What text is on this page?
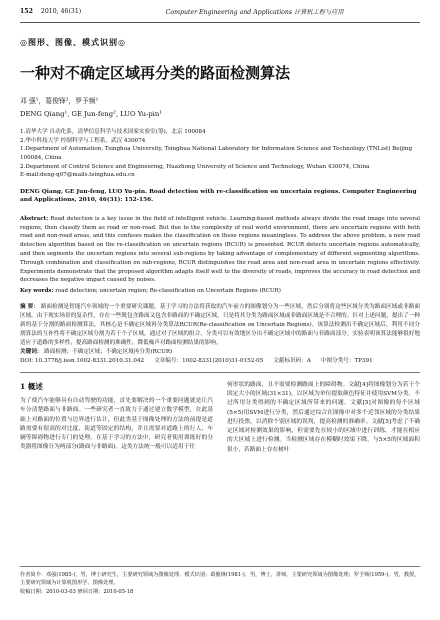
152 2010, 46(31)	Computer Engineering and Applications 计算机工程与应用
◎图形、图像、模式识别◎
一种对不确定区域再分类的路面检测算法
邓 强¹，葛俊锋²，罗予频¹
DENG Qiang¹, GE Jun-feng², LUO Yu-pin¹
1.清华大学 自动化系，清华信息科学与技术国家实验室(筹)，北京 100084
2.华中科技大学 控制科学与工程系，武汉 430074
1.Department of Automation, Tsinghua University, Tsinghua National Laboratory for Information Science and Technology (TNList) Beijing 100084, China
2.Department of Control Science and Engineering, Huazhong University of Science and Technology, Wuhan 430074, China
E-mail:deng-q07@mails.tsinghua.edu.cn
DENG Qiang, GE Jun-feng, LUO Yu-pin. Road detection with re-classification on uncertain regions. Computer Engineering and Applications, 2010, 46(31): 152-156.
Abstract: Road detection is a key issue in the field of intelligent vehicle. Learning-based methods always divide the road image into several regions, then classify them as road or non-road. But due to the complexity of real world environment, there are uncertain regions with both road and non-road areas, and this confuses makes the classification on these regions meaningless. To address the above problem, a new road detection algorithm based on the re-classification on uncertain regions (RCUR) is presented. RCUR detects uncertain regions automatically, and then segments the uncertain regions into several sub-regions by taking advantage of complementary of different segmenting algorithms. Through combination and classification on sub-regions, RCUR distinguishes the road area and non-road area in uncertain regions effectively. Experiments demonstrate that the proposed algorithm adapts itself well to the diversity of roads, improves the accuracy in road detection and decreases the negative impact caused by noises.
Key words: road detection; uncertain region; Re-classification on Uncertain Regions (RCUR)
摘 要： 路面检测是智能汽车领域的一个重要研究课题。基于学习的方法将获取的汽车前方的图像划分为一些区域，然后分别将这些区域分类为路面区域或非路面区域。由于现实场景的复杂性，存在一些既包含路面又包含非路面的不确定区域，只是将其分类为路面区域或非路面区域是不合理的。针对上述问题，提出了一种新的基于分割的路面检测算法，其核心是不确定区域再分类算法RCUR(Re-classification on Uncertain Regions)。该算法检测出不确定区域后，利用不同分割算法的互补性将不确定区域分割为若干个子区域，通过对子区域的组合，分类可以有效地区分出不确定区域中的路面与非路面部分。实验表明该算法能够很好地适应于道路的多样性，提高路面检测的准确性，降低噪声对路面检测结果的影响。
关键词： 路面检测；不确定区域；不确定区域再分类(RCUR)
DOI: 10.3778/j.issn.1002-8331.2010.31.042 文章编号：1002-8331(2010)31-0152-05 文献标识码：A 中图分类号：TP391
1 概述
为了使汽车能够具有自动驾驶的功能，首先要解决的一个重要问题就是让汽车分清楚路面与非路面。一些研究者一直致力于通过建立数学模型，在此基础上对路面的位置与边界进行估计，但此类基于图像处理的方法的前提是道路需要有很高的对比度、街道等固定的结构，并且需要对道路上的行人、车辆等障碍物进行专门的处理。在基于学习的方法中，研究者使用训练好的分类器将图像分为两部分(路面与非路面)。这类方法统一般可以适用于任
何形状的路面，且不需要检测路面上的障碍物。文献[4]将图像划分为若干个固定大小的区域(31×31)，以区域为单位提取颜色特征并使用SVM分类。不过所用分类得到的不确定区域所带来的问题。文献[5]对图像的每个区域(5×5)用SVM进行分类，然后通过综合在图像中对多个近邻区域的分类结果进行投票，以消除个别区域的误判，提高检测的准确率。文献[5]考虑了不确定区域对检测效果的影响，但需要先在较小的区域中进行训练，才能在相应的大区域上进行检测。当检测区域存在模糊时效果下降，与5×5的区域面积很小，若路面上存在树叶
作者简介：邓强(1985-)，男，博士研究生，主要研究领域为图像处理、模式识别；葛俊锋(1981-)，男，博士，讲师，主要研究领域为图像处理；罗予频(1959-)，男，教授，主要研究领域为计算机图形学、图像处理。
收稿日期：2010-03-03 修回日期：2010-05-18
